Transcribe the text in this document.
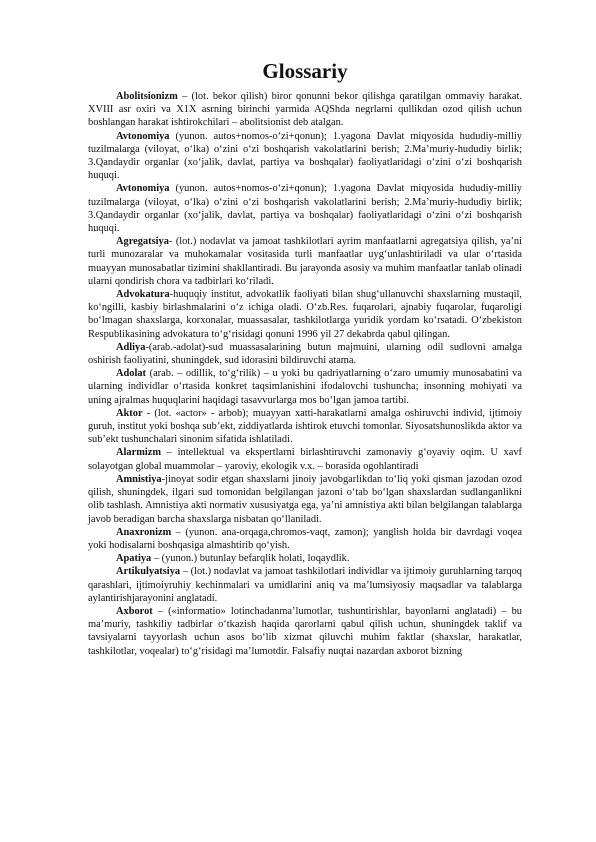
Glossariy

Abolitsionizm – (lot. bekor qilish) biror qonunni bekor qilishga qaratilgan ommaviy harakat. XVIII asr oxiri va X1X asrning birinchi yarmida AQShda negrlarni qullikdan ozod qilish uchun boshlangan harakat ishtirokchilari – abolitsionist deb atalgan.

Avtonomiya (yunon. autos+nomos-o‘zi+qonun); 1.yagona Davlat miqyosida hududiy-milliy tuzilmalarga (viloyat, o‘lka) o‘zini o‘zi boshqarish vakolatlarini berish; 2.Ma’muriy-hududiy birlik; 3.Qandaydir organlar (xo‘jalik, davlat, partiya va boshqalar) faoliyatlaridagi o‘zini o‘zi boshqarish huquqi.

Avtonomiya (yunon. autos+nomos-o‘zi+qonun); 1.yagona Davlat miqyosida hududiy-milliy tuzilmalarga (viloyat, o‘lka) o‘zini o‘zi boshqarish vakolatlarini berish; 2.Ma’muriy-hududiy birlik; 3.Qandaydir organlar (xo‘jalik, davlat, partiya va boshqalar) faoliyatlaridagi o‘zini o‘zi boshqarish huquqi.

Agregatsiya- (lot.) nodavlat va jamoat tashkilotlari ayrim manfaatlarni agregatsiya qilish, ya’ni turli munozaralar va muhokamalar vositasida turli manfaatlar uyg‘unlashtiriladi va ular o‘rtasida muayyan munosabatlar tizimini shakllantiradi. Bu jarayonda asosiy va muhim manfaatlar tanlab olinadi ularni qondirish chora va tadbirlari ko‘riladi.

Advokatura-huquqiy institut, advokatlik faoliyati bilan shug‘ullanuvchi shaxslarning mustaqil, ko‘ngilli, kasbiy birlashmalarini o‘z ichiga oladi. O‘zb.Res. fuqarolari, ajnabiy fuqarolar, fuqaroligi bo‘lmagan shaxslarga, korxonalar, muassasalar, tashkilotlarga yuridik yordam ko‘rsatadi. O‘zbekiston Respublikasining advokatura to‘g‘risidagi qonuni 1996 yil 27 dekabrda qabul qilingan.

Adliya-(arab.-adolat)-sud muassasalarining butun majmuini, ularning odil sudlovni amalga oshirish faoliyatini, shuningdek, sud idorasini bildiruvchi atama.

Adolat (arab. – odillik, to‘g‘rilik) – u yoki bu qadriyatlarning o‘zaro umumiy munosabatini va ularning individlar o‘rtasida konkret taqsimlanishini ifodalovchi tushuncha; insonning mohiyati va uning ajralmas huquqlarini haqidagi tasavvurlarga mos bo‘lgan jamoa tartibi.

Aktor - (lot. «actor» - arbob); muayyan xatti-harakatlarni amalga oshiruvchi individ, ijtimoiy guruh, institut yoki boshqa sub’ekt, ziddiyatlarda ishtirok etuvchi tomonlar. Siyosatshunoslikda aktor va sub’ekt tushunchalari sinonim sifatida ishlatiladi.

Alarmizm – intellektual va ekspertlarni birlashtiruvchi zamonaviy g‘oyaviy oqim. U xavf solayotgan global muammolar – yaroviy, ekologik v.x. – borasida ogohlantiradi

Amnistiya-jinoyat sodir etgan shaxslarni jinoiy javobgarlikdan to‘liq yoki qisman jazodan ozod qilish, shuningdek, ilgari sud tomonidan belgilangan jazoni o‘tab bo‘lgan shaxslardan sudlanganlikni olib tashlash. Amnistiya akti normativ xususiyatga ega, ya’ni amnistiya akti bilan belgilangan talablarga javob beradigan barcha shaxslarga nisbatan qo‘llaniladi.

Anaxronizm – (yunon. ana-orqaga,chromos-vaqt, zamon); yanglish holda bir davrdagi voqea yoki hodisalarni boshqasiga almashtirib qo‘yish.

Apatiya – (yunon.) butunlay befarqlik holati, loqaydlik.

Artikulyatsiya – (lot.) nodavlat va jamoat tashkilotlari individlar va ijtimoiy guruhlarning tarqoq qarashlari, ijtimoiyruhiy kechinmalari va umidlarini aniq va ma’lumsiyosiy maqsadlar va talablarga aylantirishjarayonini anglatadi.

Axborot – («informatio» lotinchadanma’lumotlar, tushuntirishlar, bayonlarni anglatadi) – bu ma’muriy, tashkiliy tadbirlar o‘tkazish haqida qarorlarni qabul qilish uchun, shuningdek taklif va tavsiyalarni tayyorlash uchun asos bo‘lib xizmat qiluvchi muhim faktlar (shaxslar, harakatlar, tashkilotlar, voqealar) to‘g‘risidagi ma’lumotdir. Falsafiy nuqtai nazardan axborot bizning
